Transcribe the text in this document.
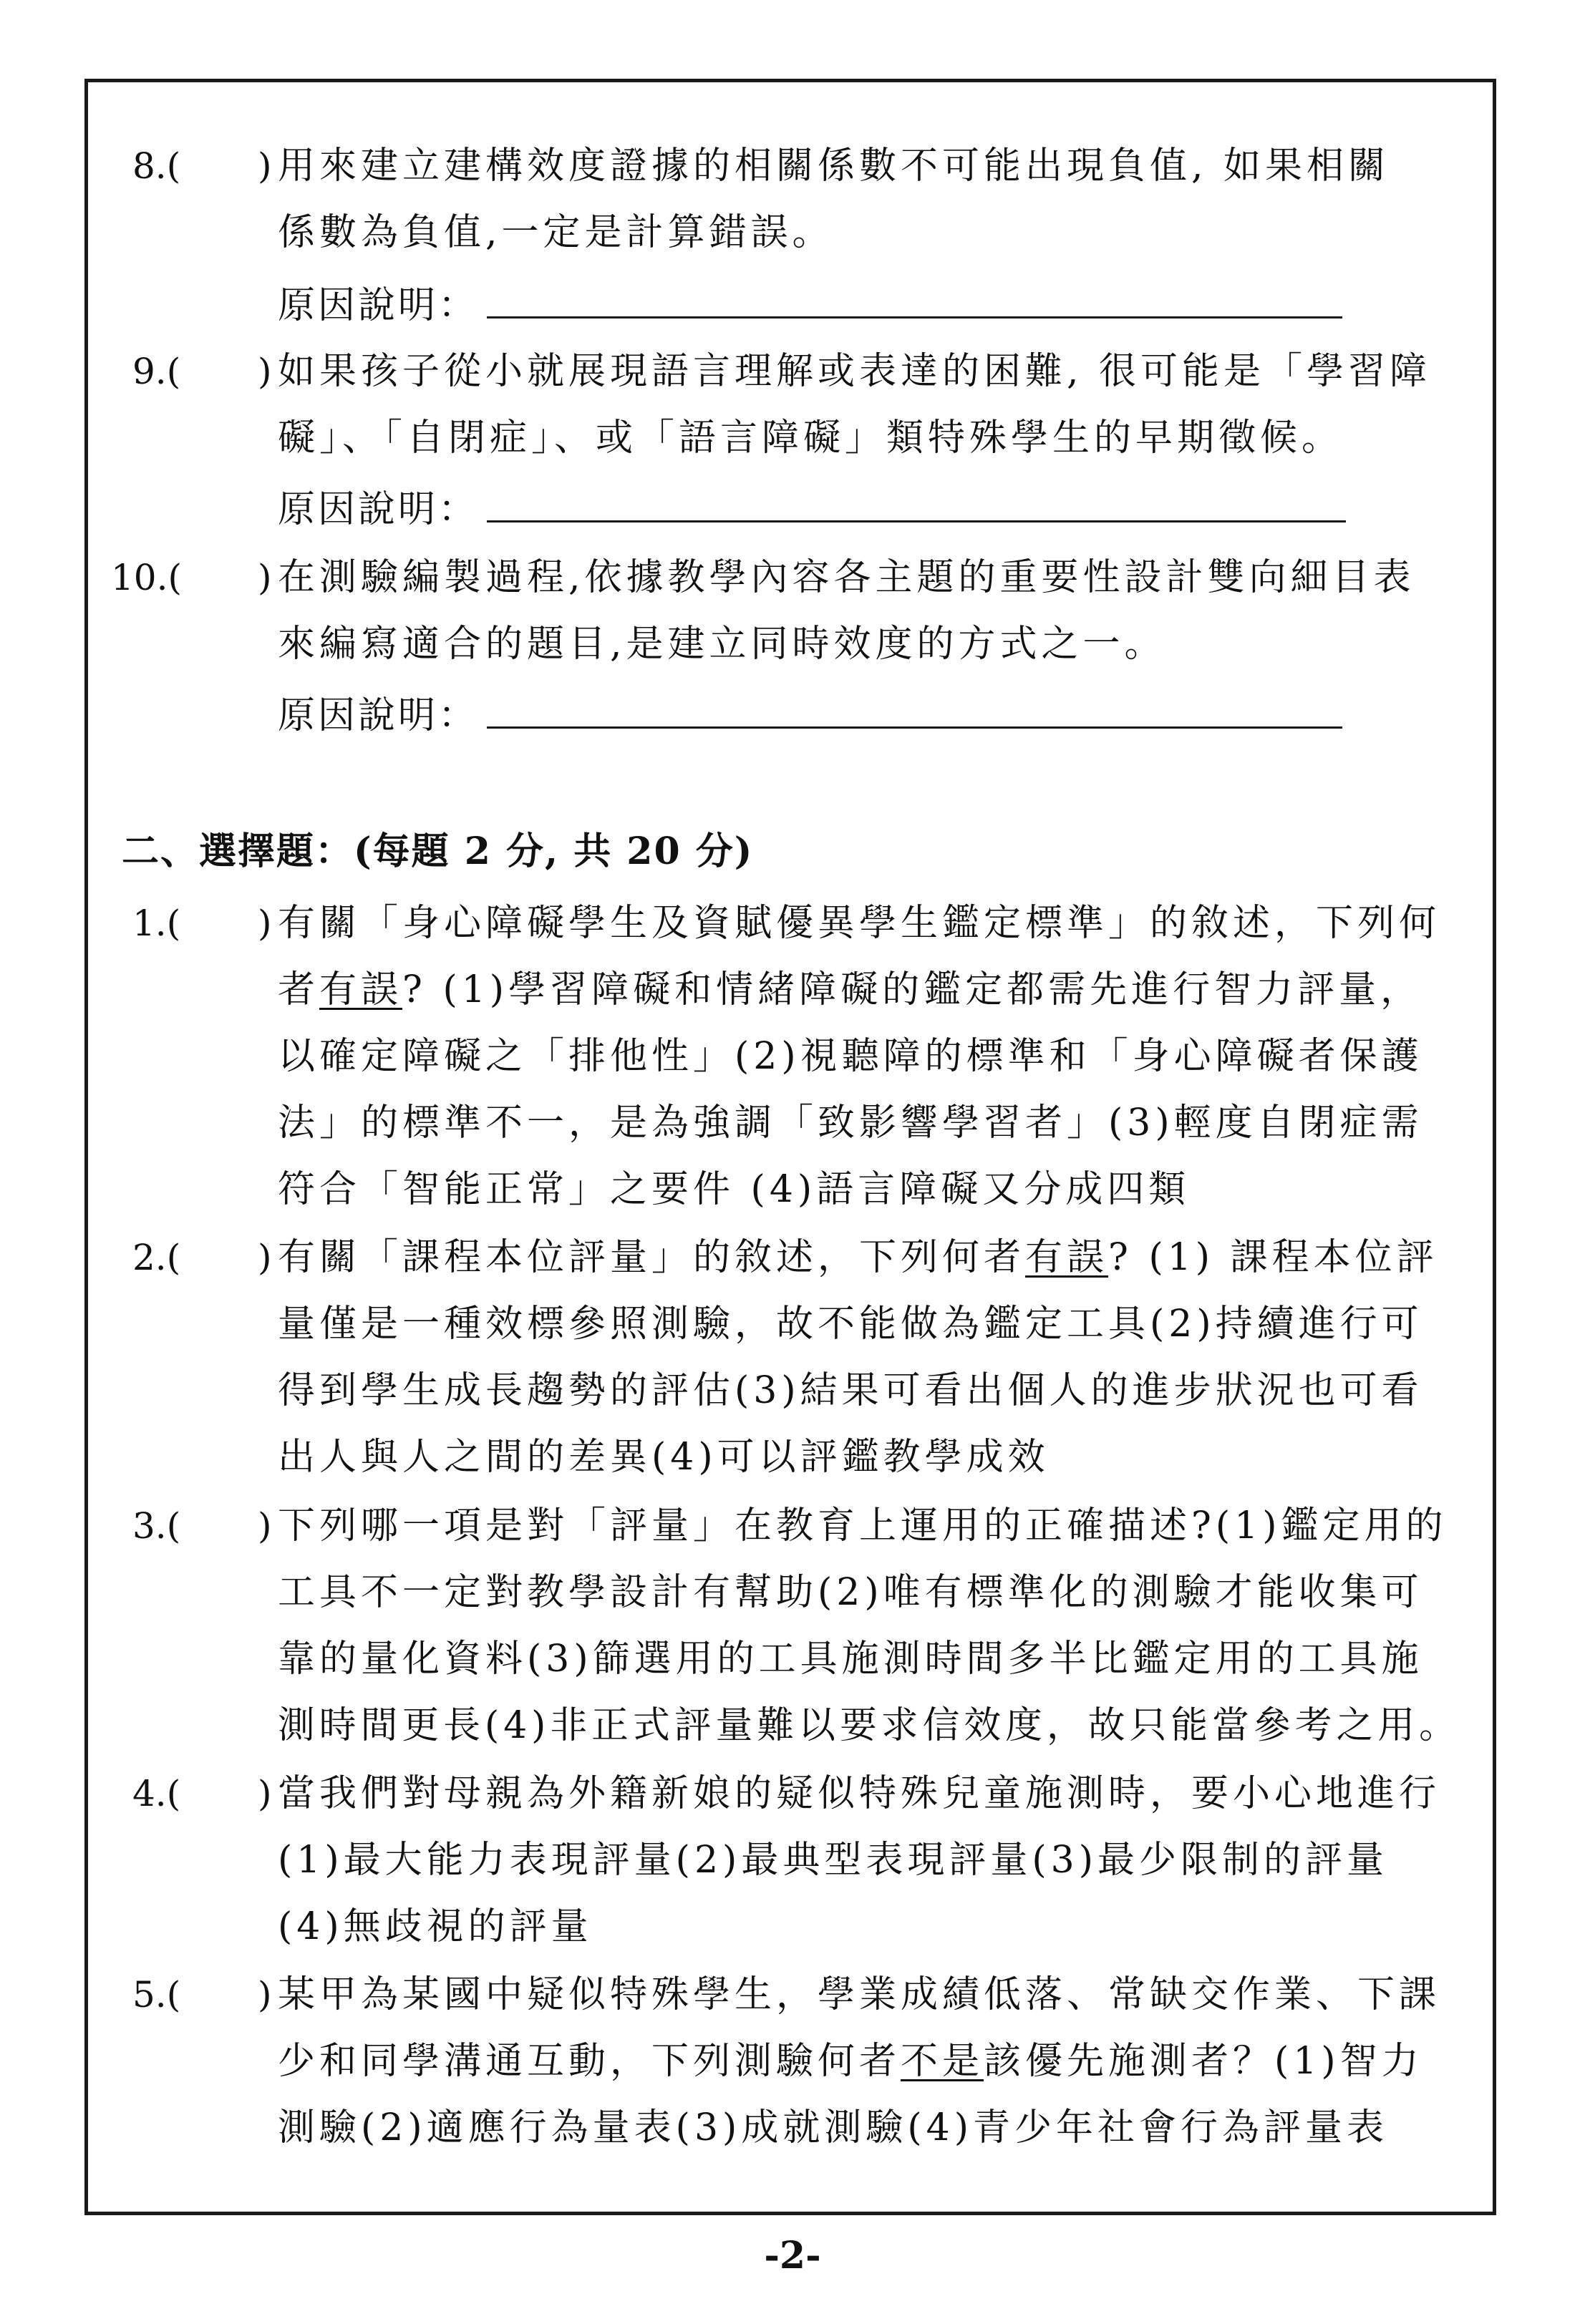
8.( ) 用來建立建構效度證據的相關係數不可能出現負值, 如果相關
係數為負值,一定是計算錯誤。
原因說明：
9.( ) 如果孩子從小就展現語言理解或表達的困難, 很可能是「學習障
礙」、「自閉症」、或「語言障礙」類特殊學生的早期徵候。
原因說明：
10.( ) 在測驗編製過程,依據教學內容各主題的重要性設計雙向細目表
來編寫適合的題目,是建立同時效度的方式之一。
原因說明：
二、選擇題：(每題 2 分, 共 20 分)
1.( ) 有關「身心障礙學生及資賦優異學生鑑定標準」的敘述，下列何
者有誤? (1)學習障礙和情緒障礙的鑑定都需先進行智力評量，
以確定障礙之「排他性」(2)視聽障的標準和「身心障礙者保護
法」的標準不一，是為強調「致影響學習者」(3)輕度自閉症需
符合「智能正常」之要件 (4)語言障礙又分成四類
2.( ) 有關「課程本位評量」的敘述，下列何者有誤? (1) 課程本位評
量僅是一種效標參照測驗，故不能做為鑑定工具(2)持續進行可
得到學生成長趨勢的評估(3)結果可看出個人的進步狀況也可看
出人與人之間的差異(4)可以評鑑教學成效
3.( ) 下列哪一項是對「評量」在教育上運用的正確描述?(1)鑑定用的
工具不一定對教學設計有幫助(2)唯有標準化的測驗才能收集可
靠的量化資料(3)篩選用的工具施測時間多半比鑑定用的工具施
測時間更長(4)非正式評量難以要求信效度，故只能當參考之用。
4.( ) 當我們對母親為外籍新娘的疑似特殊兒童施測時，要小心地進行
(1)最大能力表現評量(2)最典型表現評量(3)最少限制的評量
(4)無歧視的評量
5.( ) 某甲為某國中疑似特殊學生，學業成績低落、常缺交作業、下課
少和同學溝通互動，下列測驗何者不是該優先施測者？(1)智力
測驗(2)適應行為量表(3)成就測驗(4)青少年社會行為評量表
-2-
